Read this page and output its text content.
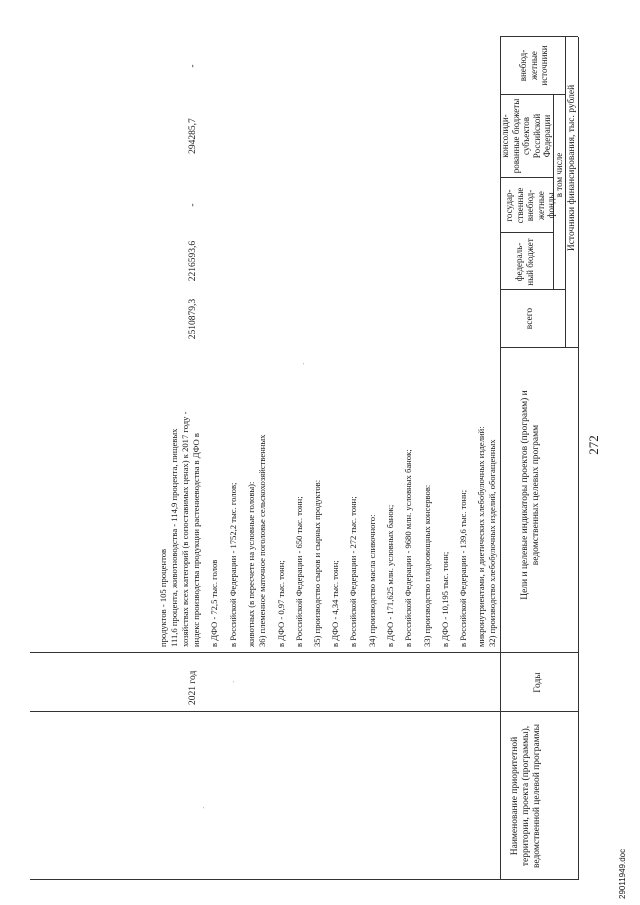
272
29011949.doc
Наименование приоритетной территории, проекта (программы), ведомственной целевой программы
Годы
Цели и целевые индикаторы проектов (программ) и ведомственных целевых программ
Источники финансирования, тыс. рублей
всего
в том числе
федераль-ный бюджет
государ-ственные внебюд-жетные фонды
консолиди-рованные бюджеты субъектов Российской Федерации
внебюд-жетные источники
32) производство хлебобулочных изделий, обогащенных
микронутриентами, и диетических хлебобулочных изделий:
в Российской Федерации - 139,6 тыс. тонн;
в ДФО - 10,195 тыс. тонн;
33) производство плодоовощных консервов:
в Российской Федерации - 9680 млн. условных банок;
в ДФО - 171,625 млн. условных банок;
34) производство масла сливочного:
в Российской Федерации - 272 тыс. тонн;
в ДФО - 4,34 тыс. тонн;
35) производство сыров и сырных продуктов:
в Российской Федерации - 650 тыс. тонн;
в ДФО - 0,97 тыс. тонн;
36) племенное маточное поголовье сельскохозяйственных
животных (в пересчете на условные головы):
в Российской Федерации - 1752,2 тыс. голов;
в ДФО - 72,5 тыс. голов
2021 год
индекс производства продукции растениеводства в ДФО в
хозяйствах всех категорий (в сопоставимых ценах) к 2017 году -
111,6 процента, животноводства - 114,9 процента, пищевых
продуктов - 105 процентов
2510879,3
2216593,6
-
294285,7
-
·
·
·
